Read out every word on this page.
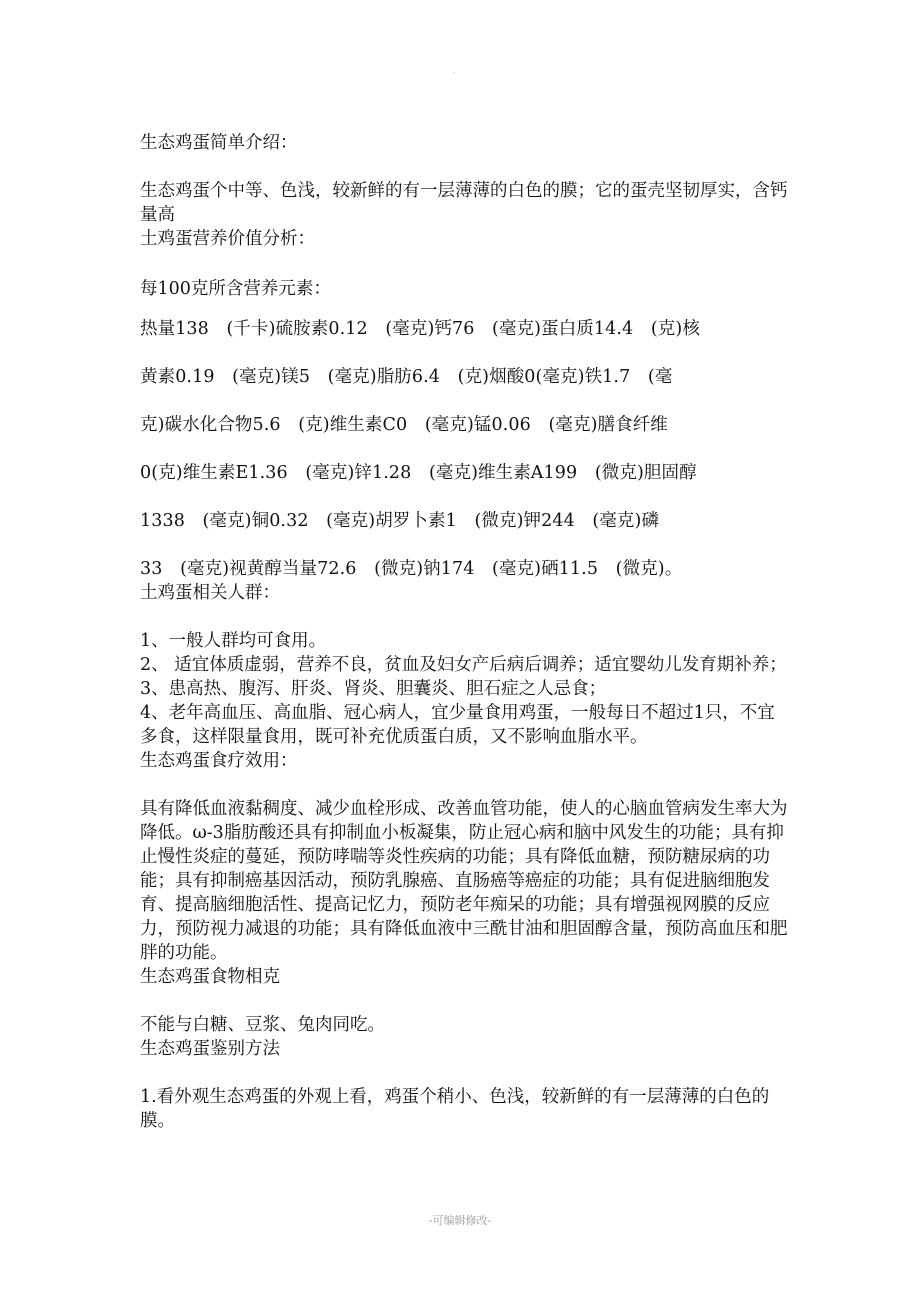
.

生态鸡蛋简单介绍：

生态鸡蛋个中等、色浅，较新鲜的有一层薄薄的白色的膜；它的蛋壳坚韧厚实，含钙量高

土鸡蛋营养价值分析：

每100克所含营养元素：

热量138　(千卡)硫胺素0.12　(毫克)钙76　(毫克)蛋白质14.4　(克)核
黄素0.19　(毫克)镁5　(毫克)脂肪6.4　(克)烟酸0(毫克)铁1.7　(毫
克)碳水化合物5.6　(克)维生素C0　(毫克)锰0.06　(毫克)膳食纤维
0(克)维生素E1.36　(毫克)锌1.28　(毫克)维生素A199　(微克)胆固醇
1338　(毫克)铜0.32　(毫克)胡罗卜素1　(微克)钾244　(毫克)磷
33　(毫克)视黄醇当量72.6　(微克)钠174　(毫克)硒11.5　(微克)。

土鸡蛋相关人群：

1、一般人群均可食用。

2、 适宜体质虚弱，营养不良，贫血及妇女产后病后调养；适宜婴幼儿发育期补养；

3、患高热、腹泻、肝炎、肾炎、胆囊炎、胆石症之人忌食；

4、老年高血压、高血脂、冠心病人，宜少量食用鸡蛋，一般每日不超过1只，不宜多食，这样限量食用，既可补充优质蛋白质，又不影响血脂水平。

生态鸡蛋食疗效用：

具有降低血液黏稠度、减少血栓形成、改善血管功能，使人的心脑血管病发生率大为降低。ω-3脂肪酸还具有抑制血小板凝集，防止冠心病和脑中风发生的功能；具有抑止慢性炎症的蔓延，预防哮喘等炎性疾病的功能；具有降低血糖，预防糖尿病的功能；具有抑制癌基因活动，预防乳腺癌、直肠癌等癌症的功能；具有促进脑细胞发育、提高脑细胞活性、提高记忆力，预防老年痴呆的功能；具有增强视网膜的反应力，预防视力减退的功能；具有降低血液中三酰甘油和胆固醇含量，预防高血压和肥胖的功能。

生态鸡蛋食物相克

不能与白糖、豆浆、兔肉同吃。

生态鸡蛋鉴别方法

1.看外观生态鸡蛋的外观上看，鸡蛋个稍小、色浅，较新鲜的有一层薄薄的白色的膜。

-可编辑修改-
